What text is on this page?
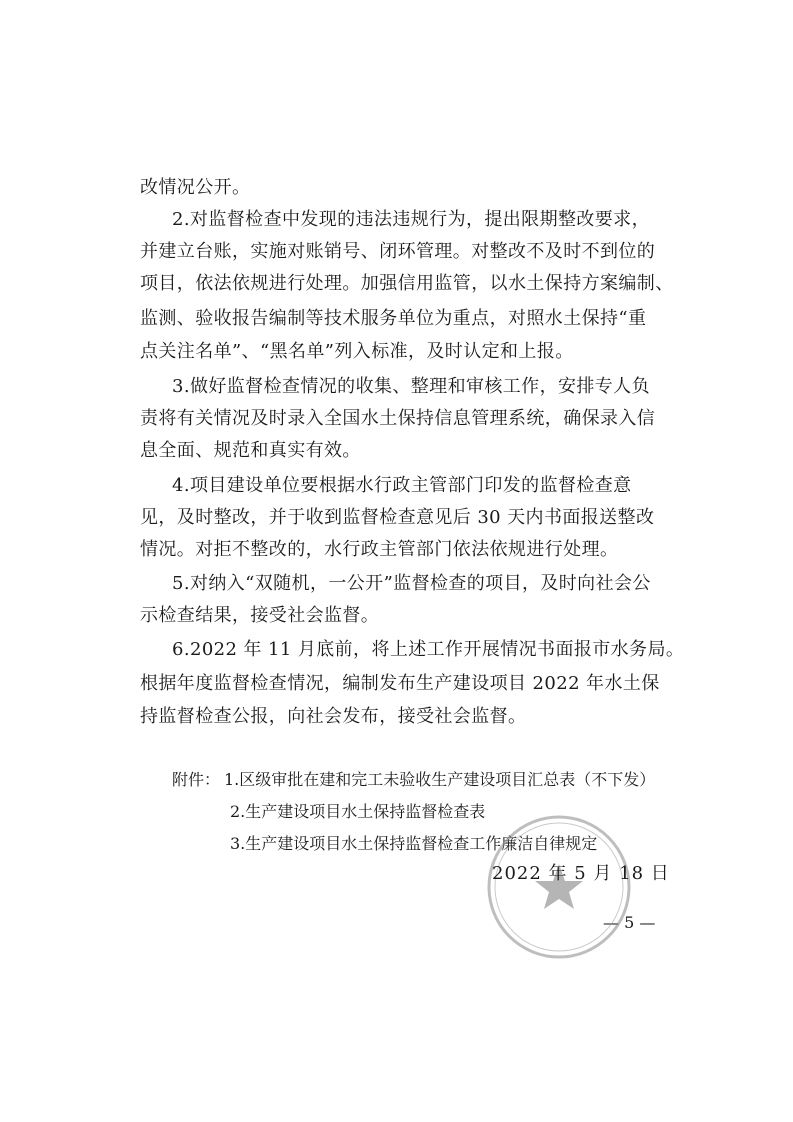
改情况公开。
2.对监督检查中发现的违法违规行为，提出限期整改要求，
并建立台账，实施对账销号、闭环管理。对整改不及时不到位的
项目，依法依规进行处理。加强信用监管，以水土保持方案编制、
监测、验收报告编制等技术服务单位为重点，对照水土保持“重
点关注名单”、“黑名单”列入标准，及时认定和上报。
3.做好监督检查情况的收集、整理和审核工作，安排专人负
责将有关情况及时录入全国水土保持信息管理系统，确保录入信
息全面、规范和真实有效。
4.项目建设单位要根据水行政主管部门印发的监督检查意
见，及时整改，并于收到监督检查意见后 30 天内书面报送整改
情况。对拒不整改的，水行政主管部门依法依规进行处理。
5.对纳入“双随机，一公开”监督检查的项目，及时向社会公
示检查结果，接受社会监督。
6.2022 年 11 月底前，将上述工作开展情况书面报市水务局。
根据年度监督检查情况，编制发布生产建设项目 2022 年水土保
持监督检查公报，向社会发布，接受社会监督。
附件： 1.区级审批在建和完工未验收生产建设项目汇总表（不下发）
2.生产建设项目水土保持监督检查表
3.生产建设项目水土保持监督检查工作廉洁自律规定
2022 年 5 月 18 日
— 5 —
